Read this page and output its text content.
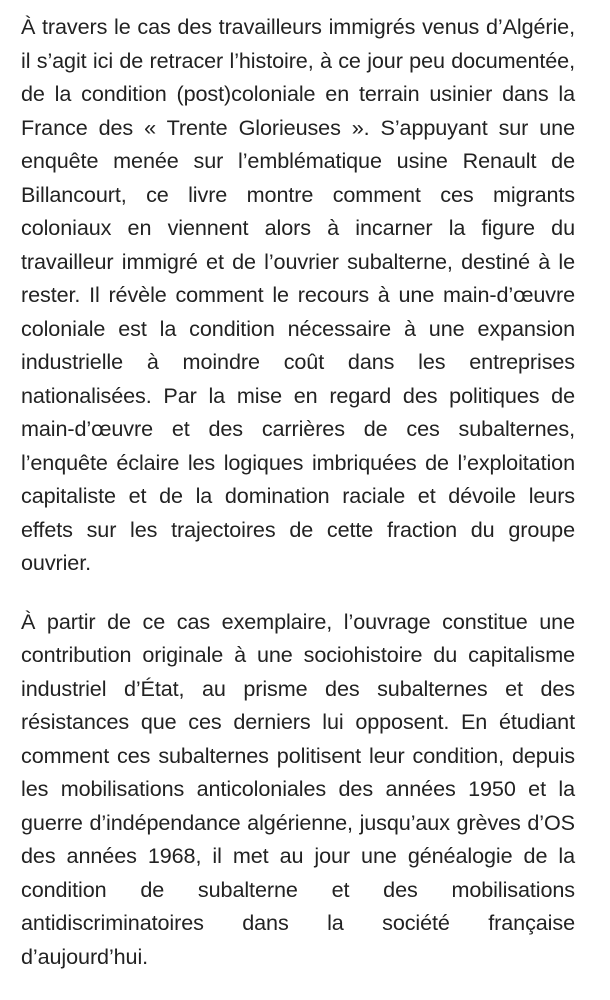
À travers le cas des travailleurs immigrés venus d’Algérie, il s’agit ici de retracer l’histoire, à ce jour peu documentée, de la condition (post)coloniale en terrain usinier dans la France des « Trente Glorieuses ». S’appuyant sur une enquête menée sur l’emblématique usine Renault de Billancourt, ce livre montre comment ces migrants coloniaux en viennent alors à incarner la figure du travailleur immigré et de l’ouvrier subalterne, destiné à le rester. Il révèle comment le recours à une main-d’œuvre coloniale est la condition nécessaire à une expansion industrielle à moindre coût dans les entreprises nationalisées. Par la mise en regard des politiques de main-d’œuvre et des carrières de ces subalternes, l’enquête éclaire les logiques imbriquées de l’exploitation capitaliste et de la domination raciale et dévoile leurs effets sur les trajectoires de cette fraction du groupe ouvrier.

À partir de ce cas exemplaire, l’ouvrage constitue une contribution originale à une sociohistoire du capitalisme industriel d’État, au prisme des subalternes et des résistances que ces derniers lui opposent. En étudiant comment ces subalternes politisent leur condition, depuis les mobilisations anticoloniales des années 1950 et la guerre d’indépendance algérienne, jusqu’aux grèves d’OS des années 1968, il met au jour une généalogie de la condition de subalterne et des mobilisations antidiscriminatoires dans la société française d’aujourd’hui.
